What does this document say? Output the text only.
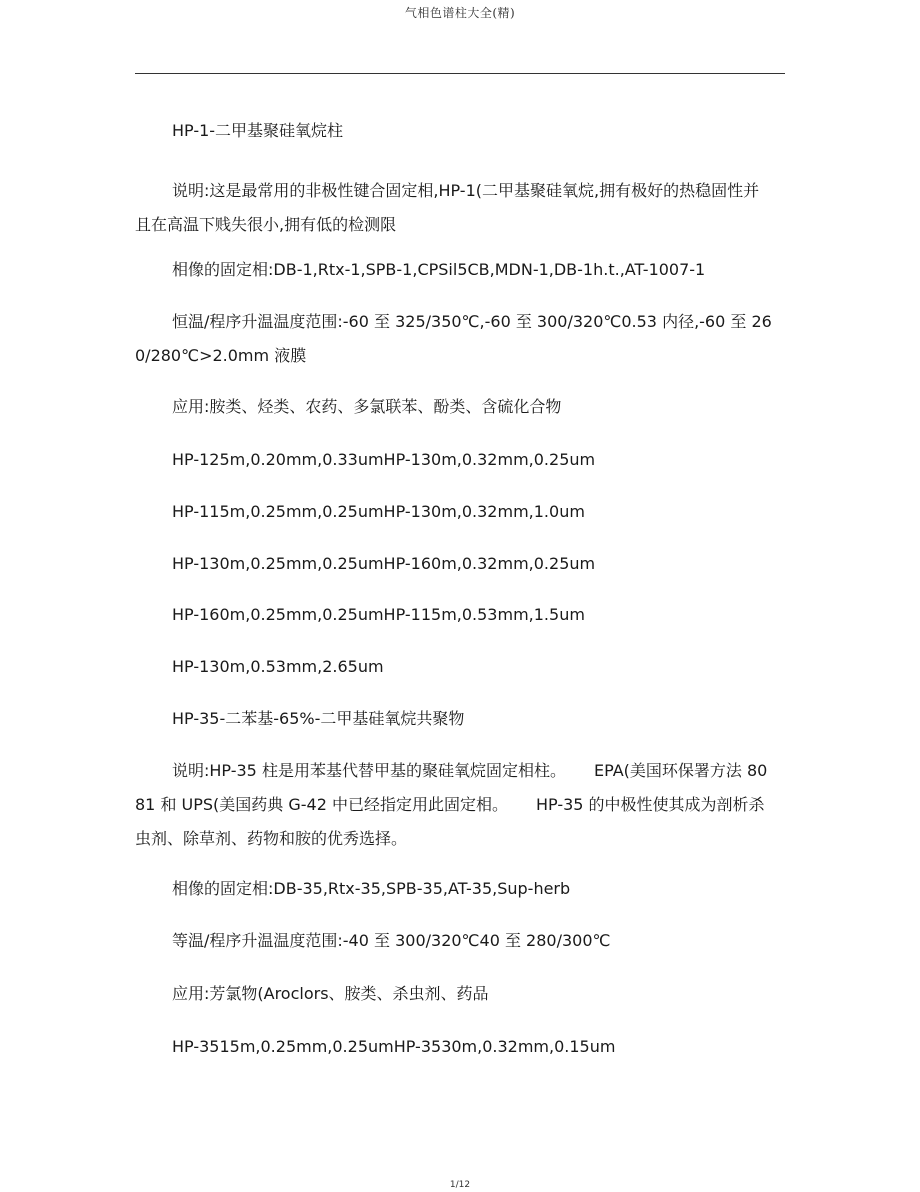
气相色谱柱大全(精)
HP-1-二甲基聚硅氧烷柱
说明:这是最常用的非极性键合固定相,HP-1(二甲基聚硅氧烷,拥有极好的热稳固性并且在高温下贱失很小,拥有低的检测限
相像的固定相:DB-1,Rtx-1,SPB-1,CPSil5CB,MDN-1,DB-1h.t.,AT-1007-1
恒温/程序升温温度范围:-60 至 325/350℃,-60 至 300/320℃0.53 内径,-60 至 260/280℃>2.0mm 液膜
应用:胺类、烃类、农药、多氯联苯、酚类、含硫化合物
HP-125m,0.20mm,0.33umHP-130m,0.32mm,0.25um
HP-115m,0.25mm,0.25umHP-130m,0.32mm,1.0um
HP-130m,0.25mm,0.25umHP-160m,0.32mm,0.25um
HP-160m,0.25mm,0.25umHP-115m,0.53mm,1.5um
HP-130m,0.53mm,2.65um
HP-35-二苯基-65%-二甲基硅氧烷共聚物
说明:HP-35 柱是用苯基代替甲基的聚硅氧烷固定相柱。 EPA(美国环保署方法 8081 和 UPS(美国药典 G-42 中已经指定用此固定相。 HP-35 的中极性使其成为剖析杀虫剂、除草剂、药物和胺的优秀选择。
相像的固定相:DB-35,Rtx-35,SPB-35,AT-35,Sup-herb
等温/程序升温温度范围:-40 至 300/320℃40 至 280/300℃
应用:芳氯物(Aroclors、胺类、杀虫剂、药品
HP-3515m,0.25mm,0.25umHP-3530m,0.32mm,0.15um
1/12
